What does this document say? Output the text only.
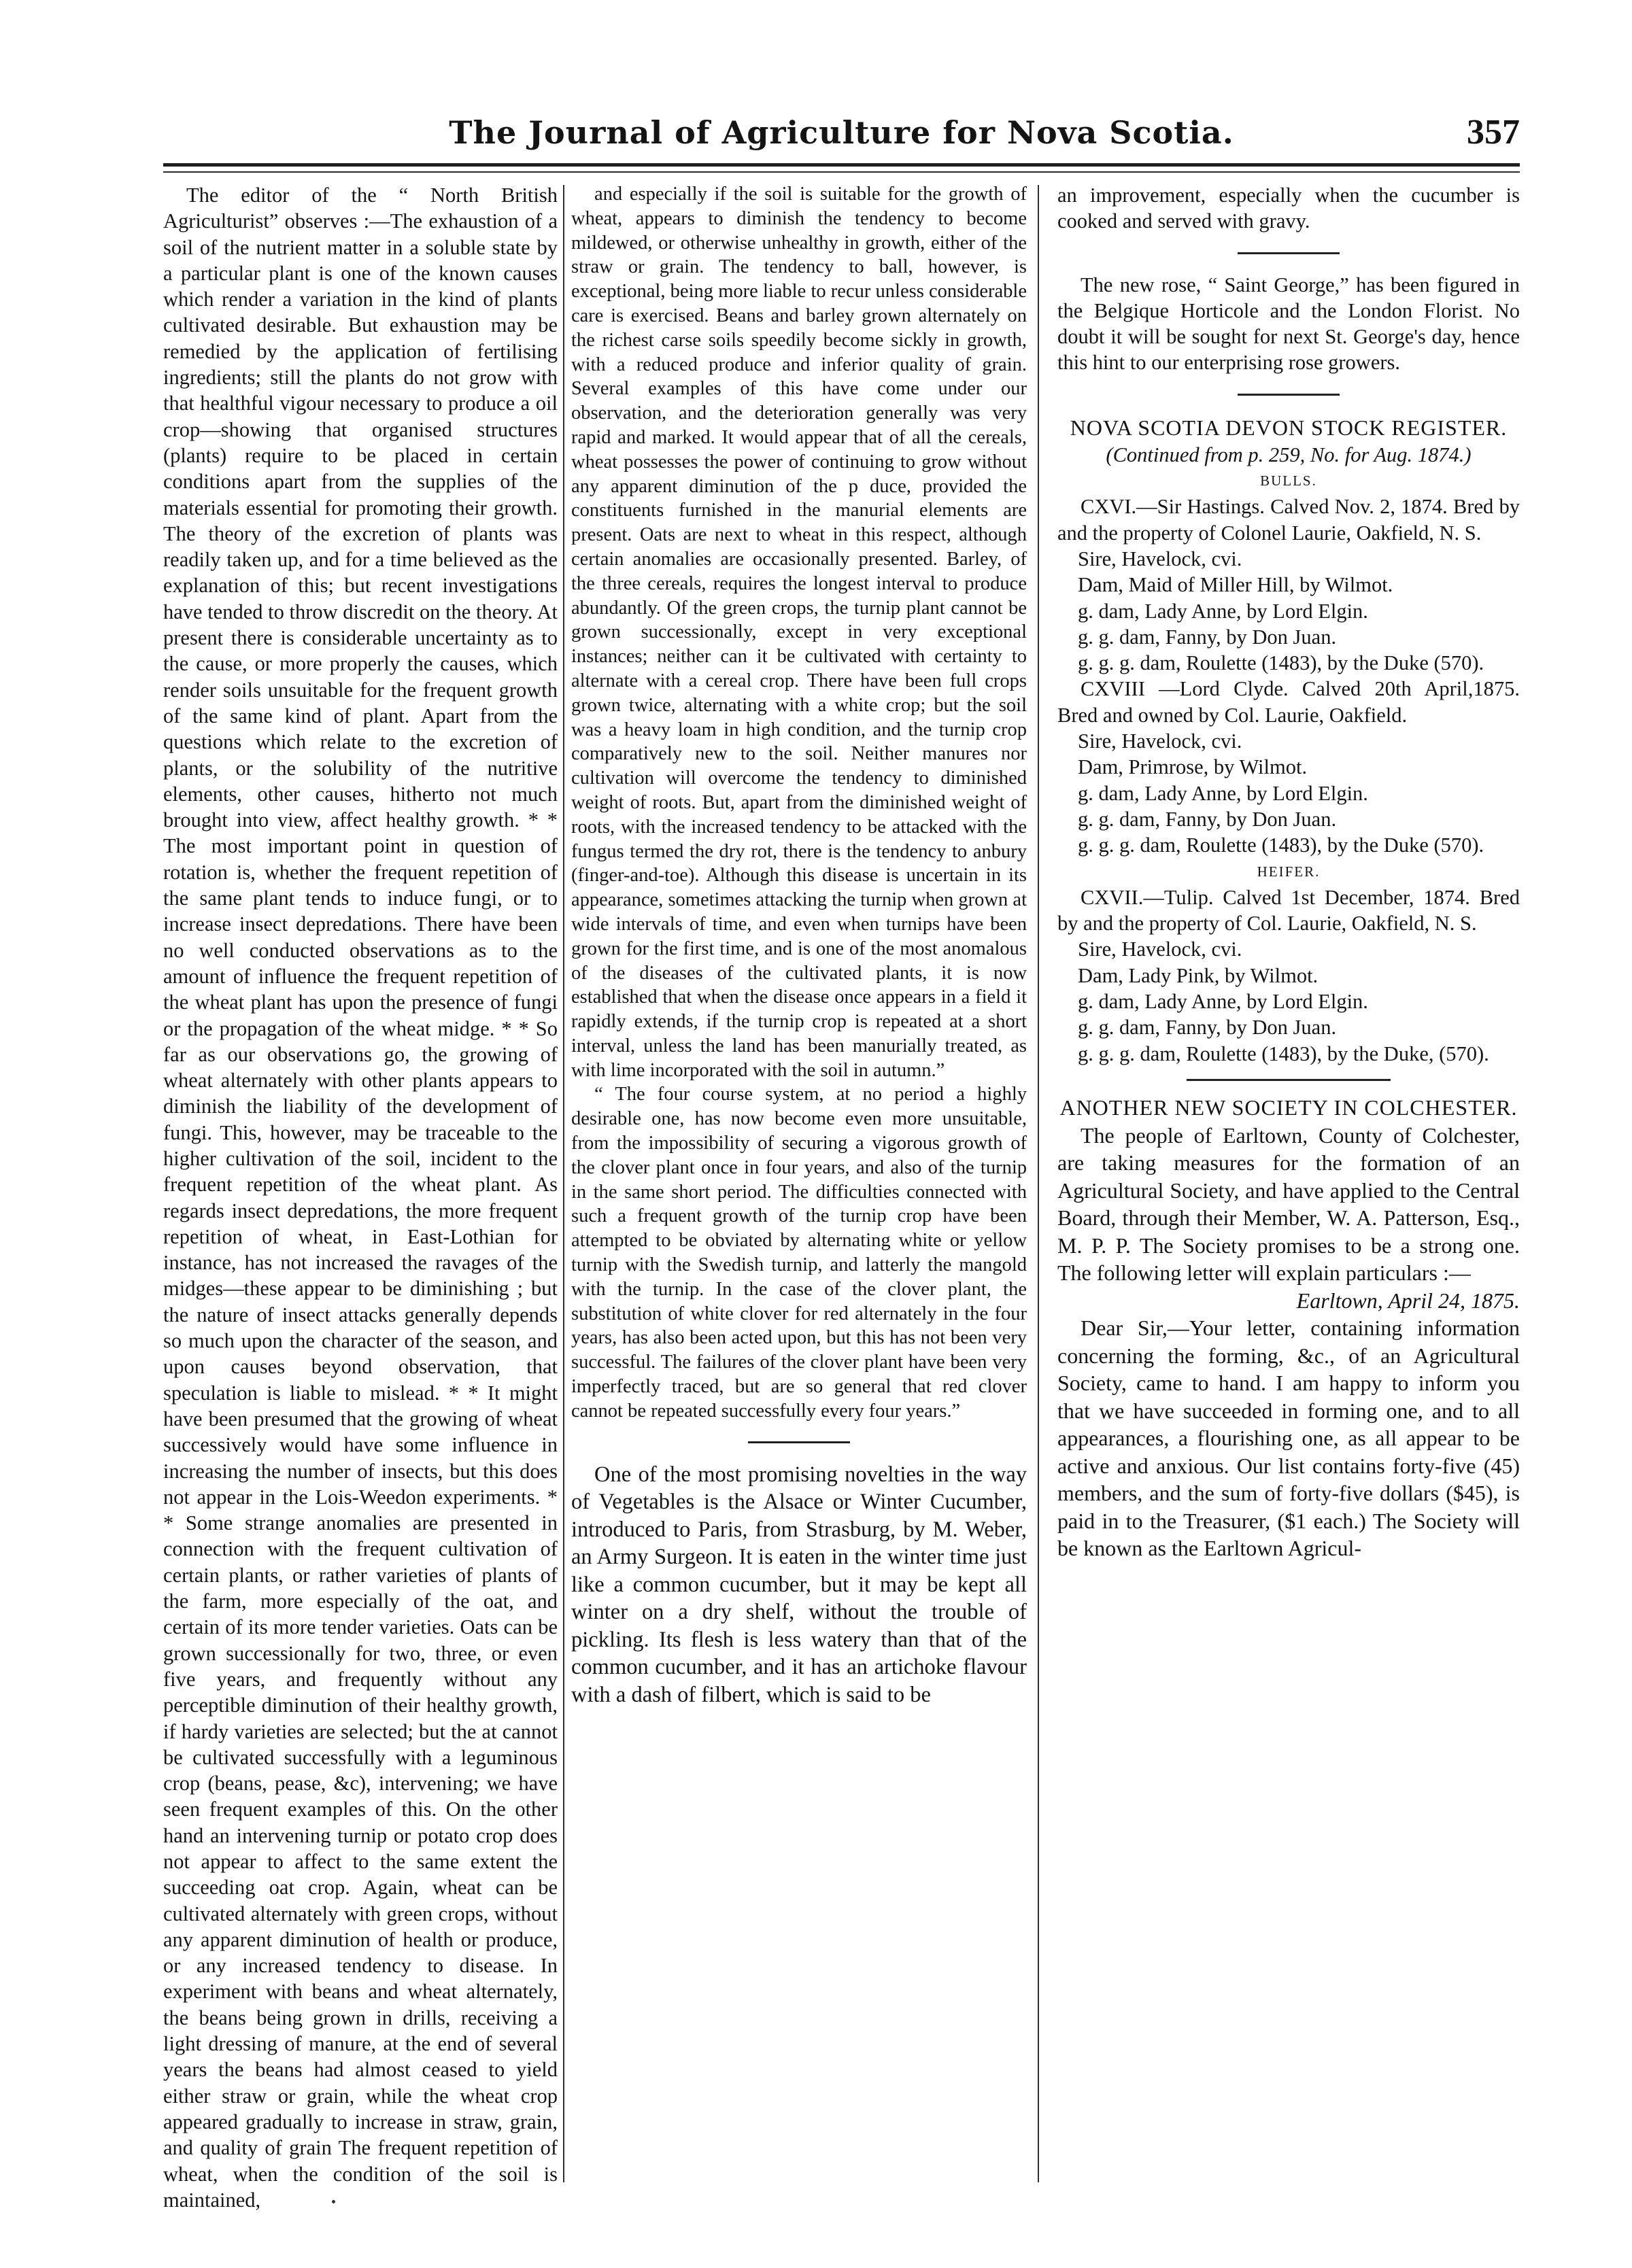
The Journal of Agriculture for Nova Scotia.	357

The editor of the “ North British Agriculturist” observes :—The exhaustion of a soil of the nutrient matter in a soluble state by a particular plant is one of the known causes which render a variation in the kind of plants cultivated desirable. But exhaustion may be remedied by the application of fertilising ingredients; still the plants do not grow with that healthful vigour necessary to produce a oil crop—showing that organised structures (plants) require to be placed in certain conditions apart from the supplies of the materials essential for promoting their growth. The theory of the excretion of plants was readily taken up, and for a time believed as the explanation of this; but recent investigations have tended to throw discredit on the theory. At present there is considerable uncertainty as to the cause, or more properly the causes, which render soils unsuitable for the frequent growth of the same kind of plant. Apart from the questions which relate to the excretion of plants, or the solubility of the nutritive elements, other causes, hitherto not much brought into view, affect healthy growth. * * The most important point in question of rotation is, whether the frequent repetition of the same plant tends to induce fungi, or to increase insect depredations. There have been no well conducted observations as to the amount of influence the frequent repetition of the wheat plant has upon the presence of fungi or the propagation of the wheat midge. * * So far as our observations go, the growing of wheat alternately with other plants appears to diminish the liability of the development of fungi. This, however, may be traceable to the higher cultivation of the soil, incident to the frequent repetition of the wheat plant. As regards insect depredations, the more frequent repetition of wheat, in East-Lothian for instance, has not increased the ravages of the midges—these appear to be diminishing ; but the nature of insect attacks generally depends so much upon the character of the season, and upon causes beyond observation, that speculation is liable to mislead. * * It might have been presumed that the growing of wheat successively would have some influence in increasing the number of insects, but this does not appear in the Lois-Weedon experiments. * * Some strange anomalies are presented in connection with the frequent cultivation of certain plants, or rather varieties of plants of the farm, more especially of the oat, and certain of its more tender varieties. Oats can be grown successionally for two, three, or even five years, and frequently without any perceptible diminution of their healthy growth, if hardy varieties are selected; but the at cannot be cultivated successfully with a leguminous crop (beans, pease, &c), intervening; we have seen frequent examples of this. On the other hand an intervening turnip or potato crop does not appear to affect to the same extent the succeeding oat crop. Again, wheat can be cultivated alternately with green crops, without any apparent diminution of health or produce, or any increased tendency to disease. In experiment with beans and wheat alternately, the beans being grown in drills, receiving a light dressing of manure, at the end of several years the beans had almost ceased to yield either straw or grain, while the wheat crop appeared gradually to increase in straw, grain, and quality of grain The frequent repetition of wheat, when the condition of the soil is maintained,

and especially if the soil is suitable for the growth of wheat, appears to diminish the tendency to become mildewed, or otherwise unhealthy in growth, either of the straw or grain. The tendency to ball, however, is exceptional, being more liable to recur unless considerable care is exercised. Beans and barley grown alternately on the richest carse soils speedily become sickly in growth, with a reduced produce and inferior quality of grain. Several examples of this have come under our observation, and the deterioration generally was very rapid and marked. It would appear that of all the cereals, wheat possesses the power of continuing to grow without any apparent diminution of the p duce, provided the constituents furnished in the manurial elements are present. Oats are next to wheat in this respect, although certain anomalies are occasionally presented. Barley, of the three cereals, requires the longest interval to produce abundantly. Of the green crops, the turnip plant cannot be grown successionally, except in very exceptional instances; neither can it be cultivated with certainty to alternate with a cereal crop. There have been full crops grown twice, alternating with a white crop; but the soil was a heavy loam in high condition, and the turnip crop comparatively new to the soil. Neither manures nor cultivation will overcome the tendency to diminished weight of roots. But, apart from the diminished weight of roots, with the increased tendency to be attacked with the fungus termed the dry rot, there is the tendency to anbury (finger-and-toe). Although this disease is uncertain in its appearance, sometimes attacking the turnip when grown at wide intervals of time, and even when turnips have been grown for the first time, and is one of the most anomalous of the diseases of the cultivated plants, it is now established that when the disease once appears in a field it rapidly extends, if the turnip crop is repeated at a short interval, unless the land has been manurially treated, as with lime incorporated with the soil in autumn.”

“ The four course system, at no period a highly desirable one, has now become even more unsuitable, from the impossibility of securing a vigorous growth of the clover plant once in four years, and also of the turnip in the same short period. The difficulties connected with such a frequent growth of the turnip crop have been attempted to be obviated by alternating white or yellow turnip with the Swedish turnip, and latterly the mangold with the turnip. In the case of the clover plant, the substitution of white clover for red alternately in the four years, has also been acted upon, but this has not been very successful. The failures of the clover plant have been very imperfectly traced, but are so general that red clover cannot be repeated successfully every four years.”

One of the most promising novelties in the way of Vegetables is the Alsace or Winter Cucumber, introduced to Paris, from Strasburg, by M. Weber, an Army Surgeon. It is eaten in the winter time just like a common cucumber, but it may be kept all winter on a dry shelf, without the trouble of pickling. Its flesh is less watery than that of the common cucumber, and it has an artichoke flavour with a dash of filbert, which is said to be

an improvement, especially when the cucumber is cooked and served with gravy.

The new rose, “ Saint George,” has been figured in the Belgique Horticole and the London Florist. No doubt it will be sought for next St. George's day, hence this hint to our enterprising rose growers.

NOVA SCOTIA DEVON STOCK REGISTER.

(Continued from p. 259, No. for Aug. 1874.)

BULLS.

CXVI.—Sir Hastings. Calved Nov. 2, 1874. Bred by and the property of Colonel Laurie, Oakfield, N. S.

Sire, Havelock, cvi.

Dam, Maid of Miller Hill, by Wilmot.

g. dam, Lady Anne, by Lord Elgin.

g. g. dam, Fanny, by Don Juan.

g. g. g. dam, Roulette (1483), by the Duke (570).

CXVIII —Lord Clyde. Calved 20th April,1875. Bred and owned by Col. Laurie, Oakfield.

Sire, Havelock, cvi.

Dam, Primrose, by Wilmot.

g. dam, Lady Anne, by Lord Elgin.

g. g. dam, Fanny, by Don Juan.

g. g. g. dam, Roulette (1483), by the Duke (570).

HEIFER.

CXVII.—Tulip. Calved 1st December, 1874. Bred by and the property of Col. Laurie, Oakfield, N. S.

Sire, Havelock, cvi.

Dam, Lady Pink, by Wilmot.

g. dam, Lady Anne, by Lord Elgin.

g. g. dam, Fanny, by Don Juan.

g. g. g. dam, Roulette (1483), by the Duke, (570).

ANOTHER NEW SOCIETY IN COLCHESTER.

The people of Earltown, County of Colchester, are taking measures for the formation of an Agricultural Society, and have applied to the Central Board, through their Member, W. A. Patterson, Esq., M. P. P. The Society promises to be a strong one. The following letter will explain particulars :—

Earltown, April 24, 1875.

Dear Sir,—Your letter, containing information concerning the forming, &c., of an Agricultural Society, came to hand. I am happy to inform you that we have succeeded in forming one, and to all appearances, a flourishing one, as all appear to be active and anxious. Our list contains forty-five (45) members, and the sum of forty-five dollars ($45), is paid in to the Treasurer, ($1 each.) The Society will be known as the Earltown Agricul-
